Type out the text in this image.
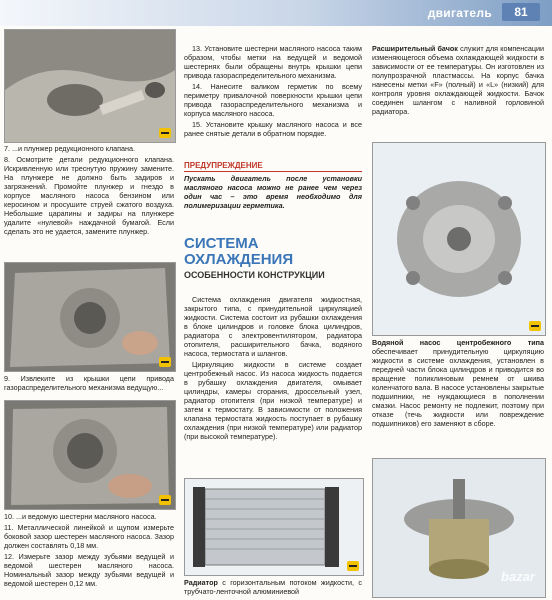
двигатель	81

7. ...и плунжер редукционного клапана.

8. Осмотрите детали редукционного клапана. Искривленную или треснутую пружину замените. На плунжере не должно быть задиров и загрязнений. Промойте плунжер и гнездо в корпусе масляного насоса бензином или керосином и просушите струей сжатого воздуха. Небольшие царапины и задиры на плунжере удалите «нулевой» наждачной бумагой. Если сделать это не удается, замените плунжер.

9. Извлеките из крышки цепи привода газораспределительного механизма ведущую...

10. ...и ведомую шестерни масляного насоса.

11. Металлической линейкой и щупом измерьте боковой зазор шестерен масляного насоса. Зазор должен составлять 0,18 мм.

12. Измерьте зазор между зубьями ведущей и ведомой шестерен масляного насоса. Номинальный зазор между зубьями ведущей и ведомой шестерен 0,12 мм.

13. Установите шестерни масляного насоса таким образом, чтобы метки на ведущей и ведомой шестернях были обращены внутрь крышки цепи привода газораспределительного механизма.

14. Нанесите валиком герметик по всему периметру привалочной поверхности крышки цепи привода газораспределительного механизма и корпуса масляного насоса.

15. Установите крышку масляного насоса и все ранее снятые детали в обратном порядке.

ПРЕДУПРЕЖДЕНИЕ
Пускать двигатель после установки масляного насоса можно не ранее чем через один час – это время необходимо для полимеризации герметика.
СИСТЕМА ОХЛАЖДЕНИЯ
ОСОБЕННОСТИ КОНСТРУКЦИИ

Система охлаждения двигателя жидкостная, закрытого типа, с принудительной циркуляцией жидкости. Система состоит из рубашки охлаждения в блоке цилиндров и головке блока цилиндров, радиатора с электровентилятором, радиатора отопителя, расширительного бачка, водяного насоса, термостата и шлангов.

Циркуляцию жидкости в системе создает центробежный насос. Из насоса жидкость подается в рубашку охлаждения двигателя, омывает цилиндры, камеры сгорания, дроссельный узел, радиатор отопителя (при низкой температуре) и затем к термостату. В зависимости от положения клапана термостата жидкость поступает в рубашку охлаждения (при низкой температуре) или радиатор (при высокой температуре).

Радиатор с горизонтальным потоком жидкости, с трубчато-ленточной алюминиевой

Расширительный бачок служит для компенсации изменяющегося объема охлаждающей жидкости в зависимости от ее температуры. Он изготовлен из полупрозрачной пластмассы. На корпус бачка нанесены метки «F» (полный) и «L» (низкий) для контроля уровня охлаждающей жидкости. Бачок соединен шлангом с наливной горловиной радиатора.

Водяной насос центробежного типа обеспечивает принудительную циркуляцию жидкости в системе охлаждения, установлен в передней части блока цилиндров и приводится во вращение поликлиновым ремнем от шкива коленчатого вала. В насосе установлены закрытые подшипники, не нуждающиеся в пополнении смазки. Насос ремонту не подлежит, поэтому при отказе (течь жидкости или повреждение подшипников) его заменяют в сборе.

bazar
